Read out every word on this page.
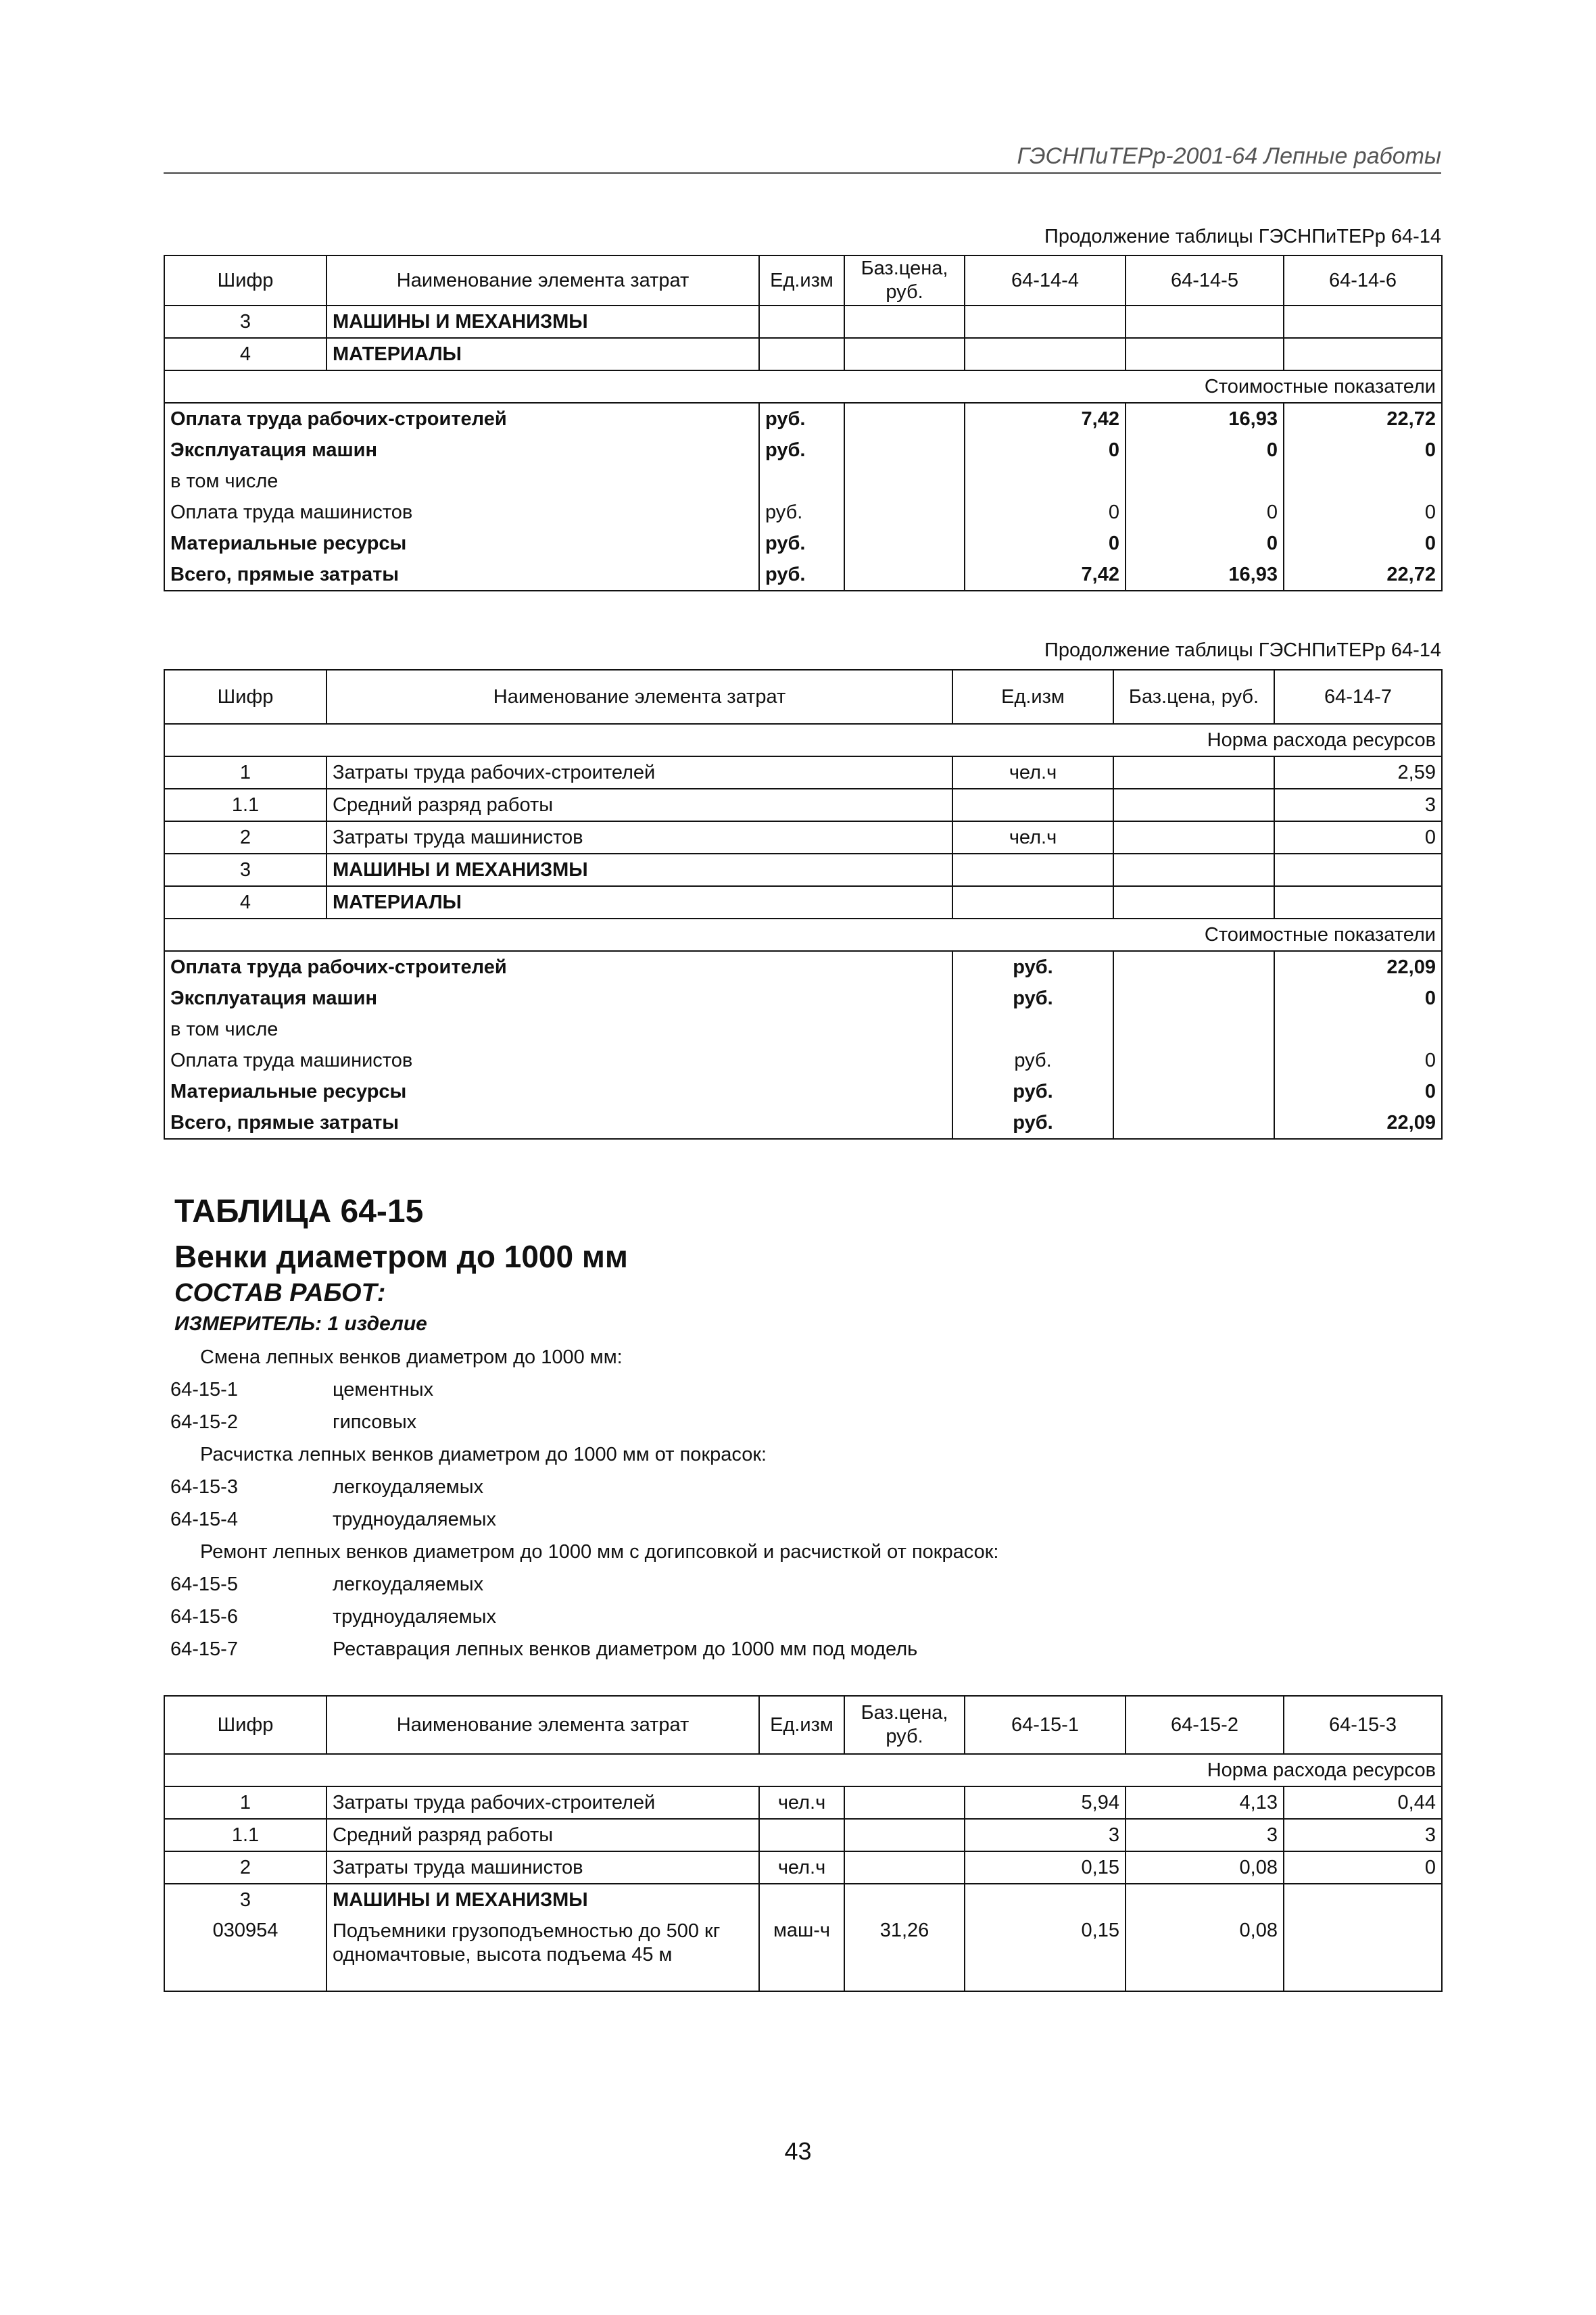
ГЭСНПиТЕРр-2001-64 Лепные работы
Продолжение таблицы ГЭСНПиТЕРр 64-14
Шифр	Наименование элемента затрат	Ед.изм	Баз.цена, руб.	64-14-4	64-14-5	64-14-6
3	МАШИНЫ И МЕХАНИЗМЫ					
4	МАТЕРИАЛЫ					
Стоимостные показатели						
Оплата труда рабочих-строителей		руб.		7,42	16,93	22,72
Эксплуатация машин		руб.		0	0	0
в том числе						
Оплата труда машинистов		руб.		0	0	0
Материальные ресурсы		руб.		0	0	0
Всего, прямые затраты		руб.		7,42	16,93	22,72
Продолжение таблицы ГЭСНПиТЕРр 64-14
Шифр	Наименование элемента затрат	Ед.изм	Баз.цена, руб.	64-14-7
Норма расхода ресурсов				
1	Затраты труда рабочих-строителей	чел.ч		2,59
1.1	Средний разряд работы			3
2	Затраты труда машинистов	чел.ч		0
3	МАШИНЫ И МЕХАНИЗМЫ			
4	МАТЕРИАЛЫ			
Стоимостные показатели				
Оплата труда рабочих-строителей		руб.		22,09
Эксплуатация машин		руб.		0
в том числе				
Оплата труда машинистов		руб.		0
Материальные ресурсы		руб.		0
Всего, прямые затраты		руб.		22,09
ТАБЛИЦА 64-15
Венки диаметром до 1000 мм
СОСТАВ РАБОТ:
ИЗМЕРИТЕЛЬ: 1 изделие
Смена лепных венков диаметром до 1000 мм:
64-15-1	цементных
64-15-2	гипсовых
Расчистка лепных венков диаметром до 1000 мм от покрасок:
64-15-3	легкоудаляемых
64-15-4	трудноудаляемых
Ремонт лепных венков диаметром до 1000 мм с догипсовкой и расчисткой от покрасок:
64-15-5	легкоудаляемых
64-15-6	трудноудаляемых
64-15-7	Реставрация лепных венков диаметром до 1000 мм под модель
Шифр	Наименование элемента затрат	Ед.изм	Баз.цена, руб.	64-15-1	64-15-2	64-15-3
Норма расхода ресурсов						
1	Затраты труда рабочих-строителей	чел.ч		5,94	4,13	0,44
1.1	Средний разряд работы			3	3	3
2	Затраты труда машинистов	чел.ч		0,15	0,08	0
3	МАШИНЫ И МЕХАНИЗМЫ					
030954	Подъемники грузоподъемностью до 500 кг одномачтовые, высота подъема 45 м	маш-ч	31,26	0,15	0,08	
43
